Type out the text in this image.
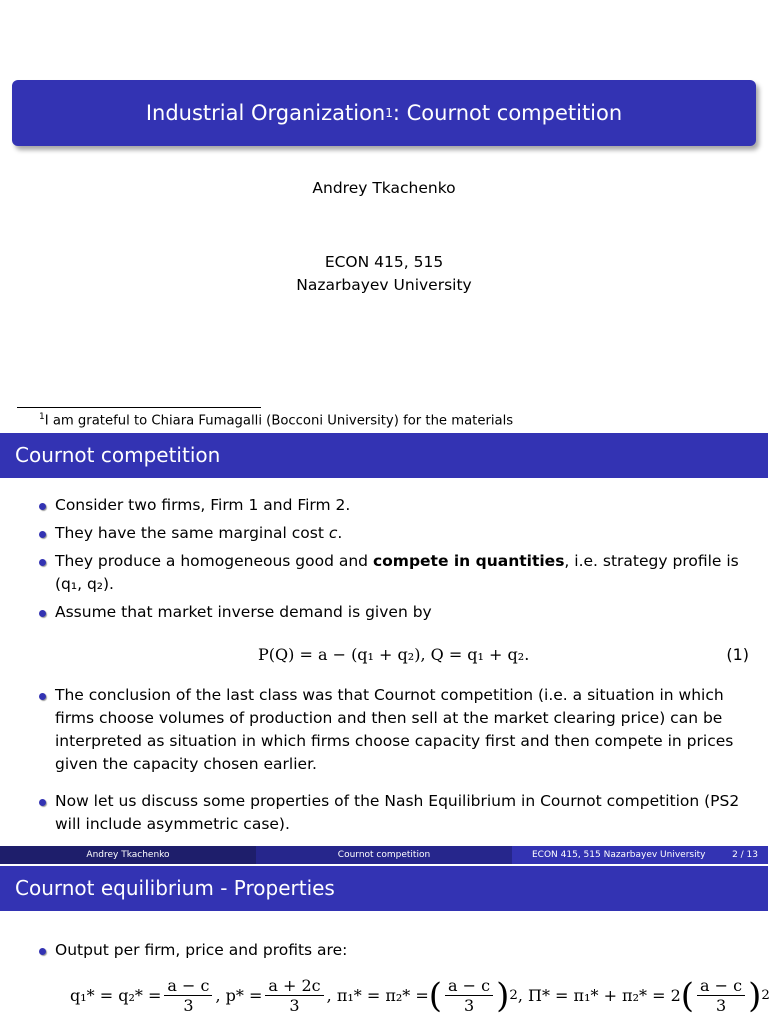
Industrial Organization 1 : Cournot competition
Andrey Tkachenko
ECON 415, 515
Nazarbayev University
$^1$I am grateful to Chiara Fumagalli (Bocconi University) for the materials
Cournot competition
Consider two firms, Firm 1 and Firm 2.
They have the same marginal cost c.
They produce a homogeneous good and compete in quantities, i.e. strategy profile is (q₁, q₂).
Assume that market inverse demand is given by
P(Q) = a − (q₁ + q₂), Q = q₁ + q₂.	(1)
The conclusion of the last class was that Cournot competition (i.e. a situation in which firms choose volumes of production and then sell at the market clearing price) can be interpreted as situation in which firms choose capacity first and then compete in prices given the capacity chosen earlier.
Now let us discuss some properties of the Nash Equilibrium in Cournot competition (PS2 will include asymmetric case).
Andrey Tkachenko	Cournot competition	ECON 415, 515 Nazarbayev University	2 / 13
Cournot equilibrium - Properties
Output per firm, price and profits are:
$q_1* = q_2* = \frac{a - c}{3}$ , $p* = \frac{a + 2c}{3}$ , π₁* = π₂* = ( $\frac{a - c}{3}$ ) 2 , Π* = π₁* + π₂* = 2 ( $\frac{a - c}{3}$ ) 2
